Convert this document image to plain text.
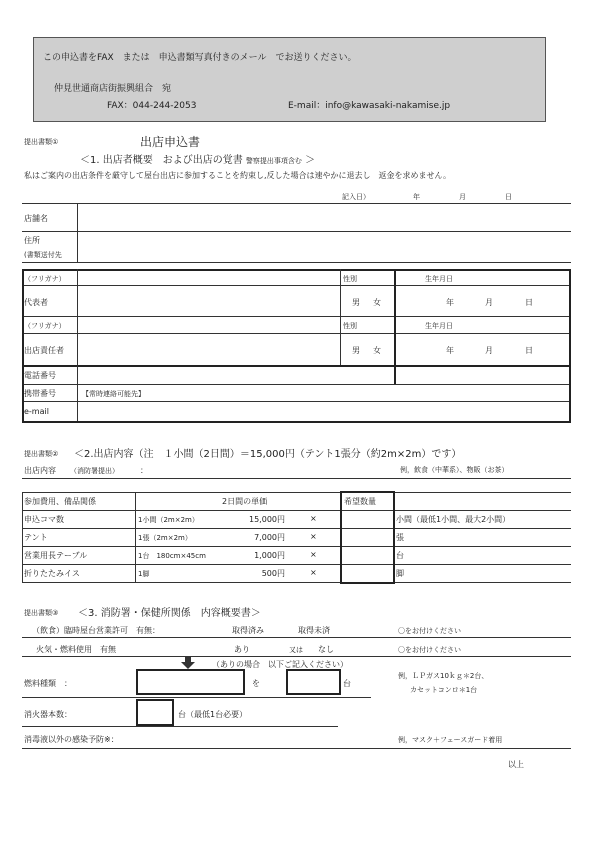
この申込書をFAX　または　申込書類写真付きのメール　でお送りください。
仲見世通商店街振興組合　宛
FAX：044-244-2053	E-mail：info@kawasaki-nakamise.jp
提出書類①	出店申込書
＜1. 出店者概要　および出店の覚書 警察提出事項含む ＞
私はご案内の出店条件を厳守して屋台出店に参加することを約束し,反した場合は速やかに退去し　返金を求めません。
記入日）	年	月	日
店舗名
住所
(書類送付先
（フリガナ）	性別	生年月日
代表者	男 女	年	月	日
（フリガナ）	性別	生年月日
出店責任者	男 女	年	月	日
電話番号
携帯番号	【常時連絡可能先】
e-mail
提出書類② ＜2.出店内容（注　１小間（2日間）＝15,000円（テント1張分（約2m×2m）です）
出店内容 （消防署提出）	：	例，飲食（中華系）、物販（お茶）
参加費用、備品関係	2日間の単価	希望数量
申込コマ数	1小間（2m×2m）	15,000円	×	小間（最低1小間、最大2小間）
テント	1張（2m×2m）	7,000円	×	張
営業用長テーブル	1台　180cm×45cm	1,000円	×	台
折りたたみイス	1脚	500円	×	脚
提出書類③ ＜3. 消防署・保健所関係　内容概要書＞
（飲食）臨時屋台営業許可　有無：	取得済み	取得未済	〇をお付けください
火気・燃料使用　有無	あり	又は なし	〇をお付けください
（ありの場合　以下ご記入ください）
燃料種類　：	を	台
例，ＬＰガス10ｋｇ＊2台、
カセットコンロ＊1台
消火器本数：	台（最低1台必要）
消毒液以外の感染予防※：	例，マスク＋フェースガード着用
以上
